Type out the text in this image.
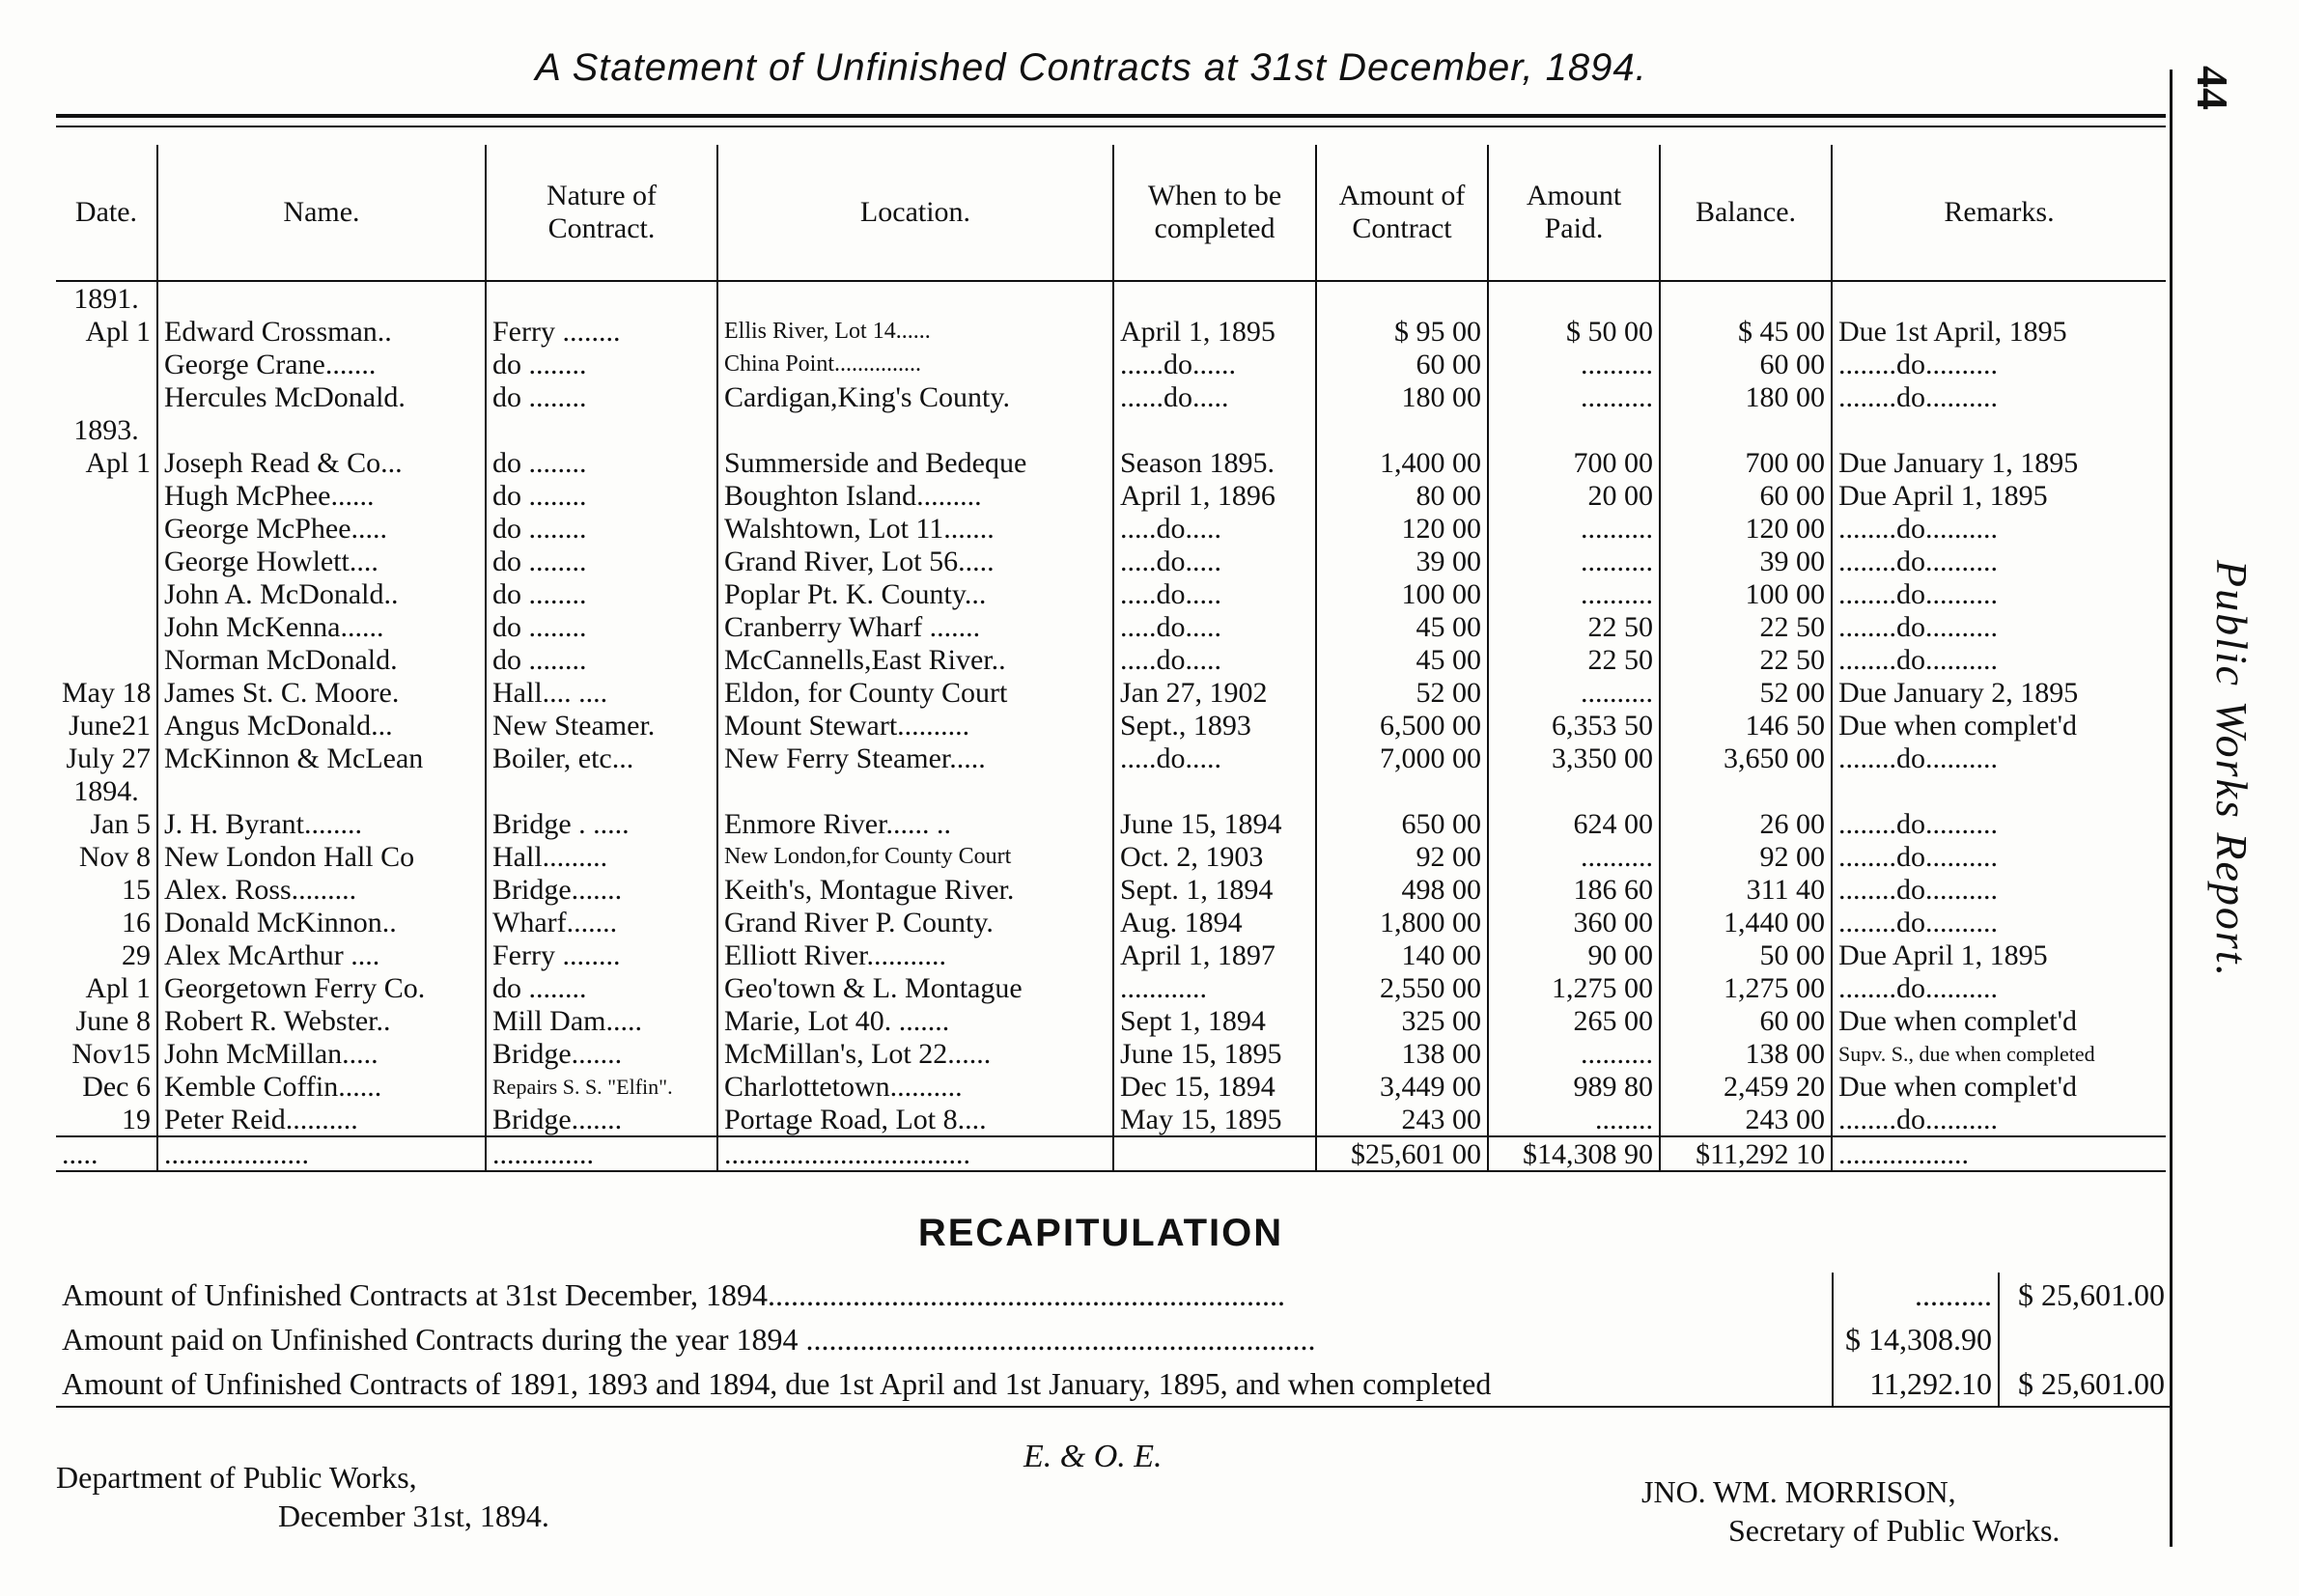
A Statement of Unfinished Contracts at 31st December, 1894.	44
Public Works Report.
Date.	Name.	Nature of Contract.	Location.	When to be completed	Amount of Contract	Amount Paid.	Balance.	Remarks.
1891.								
Apl 1	Edward Crossman..	Ferry ........	Ellis River, Lot 14......	April 1, 1895	$ 95 00	$ 50 00	$ 45 00	Due 1st April, 1895
	George Crane.......	do ........	China Point...............	......do......	60 00	..........	60 00	........do..........
	Hercules McDonald.	do ........	Cardigan,King's County.	......do.....	180 00	..........	180 00	........do..........
1893.								
Apl 1	Joseph Read & Co...	do ........	Summerside and Bedeque	Season 1895.	1,400 00	700 00	700 00	Due January 1, 1895
	Hugh McPhee......	do ........	Boughton Island.........	April 1, 1896	80 00	20 00	60 00	Due April 1, 1895
	George McPhee.....	do ........	Walshtown, Lot 11.......	.....do.....	120 00	..........	120 00	........do..........
	George Howlett....	do ........	Grand River, Lot 56.....	.....do.....	39 00	..........	39 00	........do..........
	John A. McDonald..	do ........	Poplar Pt. K. County...	.....do.....	100 00	..........	100 00	........do..........
	John McKenna......	do ........	Cranberry Wharf .......	.....do.....	45 00	22 50	22 50	........do..........
	Norman McDonald.	do ........	McCannells,East River..	.....do.....	45 00	22 50	22 50	........do..........
May 18	James St. C. Moore.	Hall.... ....	Eldon, for County Court	Jan 27, 1902	52 00	..........	52 00	Due January 2, 1895
June21	Angus McDonald...	New Steamer.	Mount Stewart..........	Sept., 1893	6,500 00	6,353 50	146 50	Due when complet'd
July 27	McKinnon & McLean	Boiler, etc...	New Ferry Steamer.....	.....do.....	7,000 00	3,350 00	3,650 00	........do..........
1894.								
Jan 5	J. H. Byrant........	Bridge . .....	Enmore River...... ..	June 15, 1894	650 00	624 00	26 00	........do..........
Nov 8	New London Hall Co	Hall.........	New London,for County Court	Oct. 2, 1903	92 00	..........	92 00	........do..........
15	Alex. Ross.........	Bridge.......	Keith's, Montague River.	Sept. 1, 1894	498 00	186 60	311 40	........do..........
16	Donald McKinnon..	Wharf.......	Grand River P. County.	Aug. 1894	1,800 00	360 00	1,440 00	........do..........
29	Alex McArthur ....	Ferry ........	Elliott River...........	April 1, 1897	140 00	90 00	50 00	Due April 1, 1895
Apl 1	Georgetown Ferry Co.	do ........	Geo'town & L. Montague	............	2,550 00	1,275 00	1,275 00	........do..........
June 8	Robert R. Webster..	Mill Dam.....	Marie, Lot 40. .......	Sept 1, 1894	325 00	265 00	60 00	Due when complet'd
Nov15	John McMillan.....	Bridge.......	McMillan's, Lot 22......	June 15, 1895	138 00	..........	138 00	Supv. S., due when completed
Dec 6	Kemble Coffin......	Repairs S. S. "Elfin".	Charlottetown..........	Dec 15, 1894	3,449 00	989 80	2,459 20	Due when complet'd
19	Peter Reid..........	Bridge.......	Portage Road, Lot 8....	May 15, 1895	243 00	........	243 00	........do..........
.....	....................	..............	..................................		$25,601 00	$14,308 90	$11,292 10	..................
RECAPITULATION
Amount of Unfinished Contracts at 31st December, 1894...................................................................	..........	$ 25,601.00
Amount paid on Unfinished Contracts during the year 1894 ..................................................................	$ 14,308.90	
Amount of Unfinished Contracts of 1891, 1893 and 1894, due 1st April and 1st January, 1895, and when completed	11,292.10	$ 25,601.00
E. & O. E.
Department of Public Works,
December 31st, 1894.
JNO. WM. MORRISON,
Secretary of Public Works.
